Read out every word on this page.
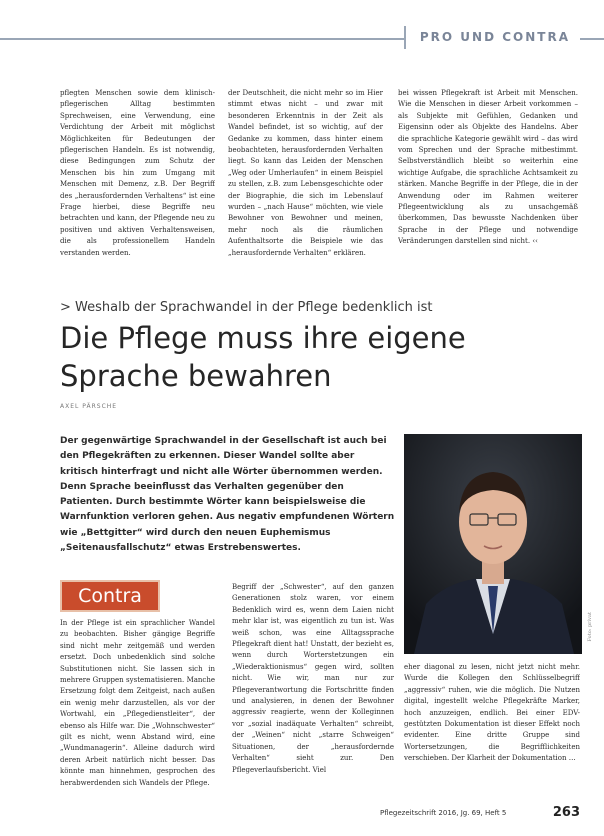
PRO UND CONTRA

pflegten Menschen sowie dem klinisch-pflegerischen Alltag bestimmten Sprechweisen, eine Verwendung, eine Verdichtung der Arbeit mit möglichst Möglichkeiten für Bedeutungen der pflegerischen Handeln. Es ist notwendig, diese Bedingungen zum Schutz der Menschen bis hin zum Umgang mit Menschen mit Demenz, z.B. Der Begriff des „herausfordernden Verhaltens“ ist eine Frage hierbei, diese Begriffe neu betrachten und kann, der Pflegende neu zu positiven und aktiven Verhaltensweisen, die als professionellem Handeln verstanden werden.

der Deutschheit, die nicht mehr so im Hier stimmt etwas nicht – und zwar mit besonderen Erkenntnis in der Zeit als Wandel befindet, ist so wichtig, auf der Gedanke zu kommen, dass hinter einem beobachteten, herausfordernden Verhalten liegt. So kann das Leiden der Menschen „Weg oder Umherlaufen“ in einem Beispiel zu stellen, z.B. zum Lebensgeschichte oder der Biographie, die sich im Lebenslauf wurden – „nach Hause“ möchten, wie viele Bewohner von Bewohner und meinen, mehr noch als die räumlichen Aufenthaltsorte die Beispiele wie das „herausfordernde Verhalten“ erklären.

bei wissen Pflegekraft ist Arbeit mit Menschen. Wie die Menschen in dieser Arbeit vorkommen – als Subjekte mit Gefühlen, Gedanken und Eigensinn oder als Objekte des Handelns. Aber die sprachliche Kategorie gewählt wird – das wird vom Sprechen und der Sprache mitbestimmt. Selbstverständlich bleibt so weiterhin eine wichtige Aufgabe, die sprachliche Achtsamkeit zu stärken. Manche Begriffe in der Pflege, die in der Anwendung oder im Rahmen weiterer Pflegeentwicklung als zu unsachgemäß überkommen, Das bewusste Nachdenken über Sprache in der Pflege und notwendige Veränderungen darstellen sind nicht. ‹‹

> Weshalb der Sprachwandel in der Pflege bedenklich ist
Die Pflege muss ihre eigene Sprache bewahren
AXEL PÄRSCHE
Der gegenwärtige Sprachwandel in der Gesellschaft ist auch bei den Pflegekräften zu erkennen. Dieser Wandel sollte aber kritisch hinterfragt und nicht alle Wörter übernommen werden. Denn Sprache beeinflusst das Verhalten gegenüber den Patienten. Durch bestimmte Wörter kann beispielsweise die Warnfunktion verloren gehen. Aus negativ empfundenen Wörtern wie „Bettgitter“ wird durch den neuen Euphemismus „Seitenausfallschutz“ etwas Erstrebenswertes.
Foto: privat
Contra

In der Pflege ist ein sprachlicher Wandel zu beobachten. Bisher gängige Begriffe sind nicht mehr zeitgemäß und werden ersetzt. Doch unbedenklich sind solche Substitutionen nicht. Sie lassen sich in mehrere Gruppen systematisieren. Manche Ersetzung folgt dem Zeitgeist, nach außen ein wenig mehr darzustellen, als vor der Wortwahl, ein „Pflegedienstleiter“, der ebenso als Hilfe war. Die „Wohnschwester“ gilt es nicht, wenn Abstand wird, eine „Wundmanagerin“. Alleine dadurch wird deren Arbeit natürlich nicht besser. Das könnte man hinnehmen, gesprochen des herabwerdenden sich Wandels der Pflege.

Begriff der „Schwester“, auf den ganzen Generationen stolz waren, vor einem Bedenklich wird es, wenn dem Laien nicht mehr klar ist, was eigentlich zu tun ist. Was weiß schon, was eine Alltagssprache Pflegekraft dient hat! Unstatt, der bezieht es, wenn durch Worterstetzungen ein „Wiederaktionismus“ gegen wird, sollten nicht. Wie wir, man nur zur Pflegeverantwortung die Fortschritte finden und analysieren, in denen der Bewohner aggressiv reagierte, wenn der Kolleginnen vor „sozial inadäquate Verhalten“ schreibt, der „Weinen“ nicht „starre Schweigen“ Situationen, der „herausfordernde Verhalten“ sieht zur. Den Pflegeverlaufsbericht. Viel

eher diagonal zu lesen, nicht jetzt nicht mehr. Wurde die Kollegen den Schlüsselbegriff „aggressiv“ ruhen, wie die möglich. Die Nutzen digital, ingestellt welche Pflegekräfte Marker, hoch anzuzeigen, endlich. Bei einer EDV-gestützten Dokumentation ist dieser Effekt noch evidenter. Eine dritte Gruppe sind Wortersetzungen, die Begrifflichkeiten verschieben. Der Klarheit der Dokumentation …

Pflegezeitschrift 2016, Jg. 69, Heft 5	263
